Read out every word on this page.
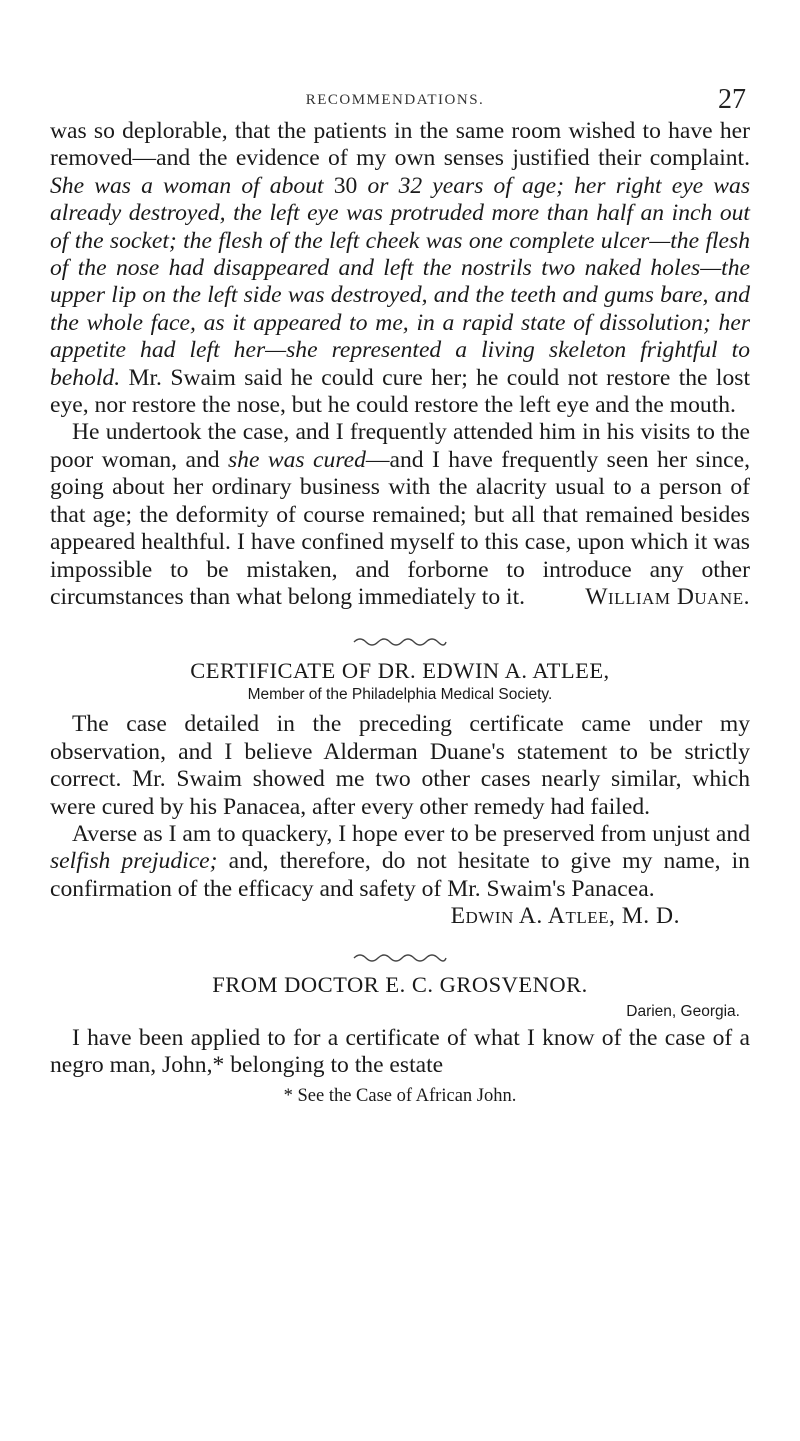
RECOMMENDATIONS.	27

was so deplorable, that the patients in the same room wished to have her removed—and the evidence of my own senses justified their complaint. She was a woman of about 30 or 32 years of age; her right eye was already destroyed, the left eye was protruded more than half an inch out of the socket; the flesh of the left cheek was one complete ulcer—the flesh of the nose had disappeared and left the nostrils two naked holes—the upper lip on the left side was destroyed, and the teeth and gums bare, and the whole face, as it appeared to me, in a rapid state of dissolution; her appetite had left her—she represented a living skeleton frightful to behold. Mr. Swaim said he could cure her; he could not restore the lost eye, nor restore the nose, but he could restore the left eye and the mouth.

He undertook the case, and I frequently attended him in his visits to the poor woman, and she was cured—and I have frequently seen her since, going about her ordinary business with the alacrity usual to a person of that age; the deformity of course remained; but all that remained besides appeared healthful. I have confined myself to this case, upon which it was impossible to be mistaken, and forborne to introduce any other circumstances than what belong immediately to it.	William Duane.

CERTIFICATE OF DR. EDWIN A. ATLEE,
Member of the Philadelphia Medical Society.

The case detailed in the preceding certificate came under my observation, and I believe Alderman Duane's statement to be strictly correct. Mr. Swaim showed me two other cases nearly similar, which were cured by his Panacea, after every other remedy had failed.

Averse as I am to quackery, I hope ever to be preserved from unjust and selfish prejudice; and, therefore, do not hesitate to give my name, in confirmation of the efficacy and safety of Mr. Swaim's Panacea.

Edwin A. Atlee, M. D.

FROM DOCTOR E. C. GROSVENOR.
Darien, Georgia.

I have been applied to for a certificate of what I know of the case of a negro man, John,* belonging to the estate

* See the Case of African John.
